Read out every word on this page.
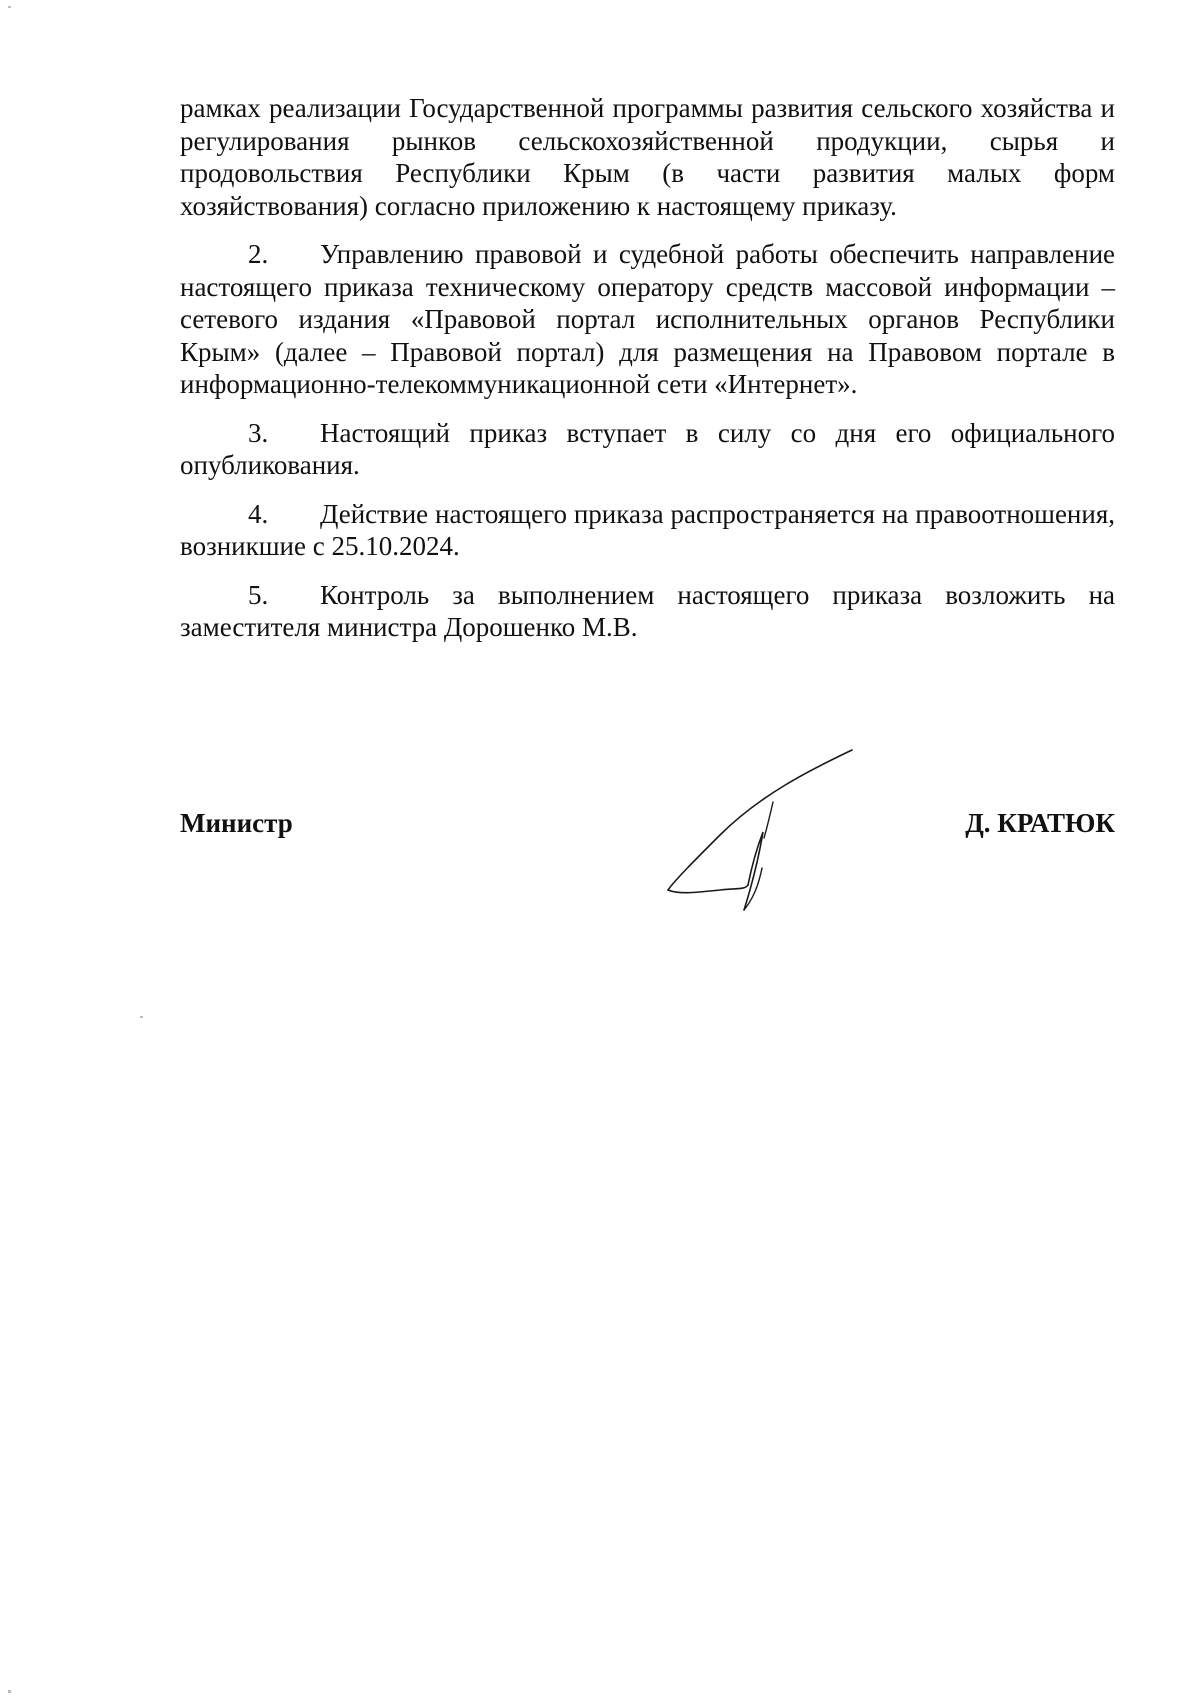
рамках реализации Государственной программы развития сельского хозяйства и регулирования рынков сельскохозяйственной продукции, сырья и продовольствия Республики Крым (в части развития малых форм хозяйствования) согласно приложению к настоящему приказу.

2. Управлению правовой и судебной работы обеспечить направление настоящего приказа техническому оператору средств массовой информации – сетевого издания «Правовой портал исполнительных органов Республики Крым» (далее – Правовой портал) для размещения на Правовом портале в информационно-телекоммуникационной сети «Интернет».

3. Настоящий приказ вступает в силу со дня его официального опубликования.

4. Действие настоящего приказа распространяется на правоотношения, возникшие с 25.10.2024.

5. Контроль за выполнением настоящего приказа возложить на заместителя министра Дорошенко М.В.

Министр	Д. КРАТЮК
